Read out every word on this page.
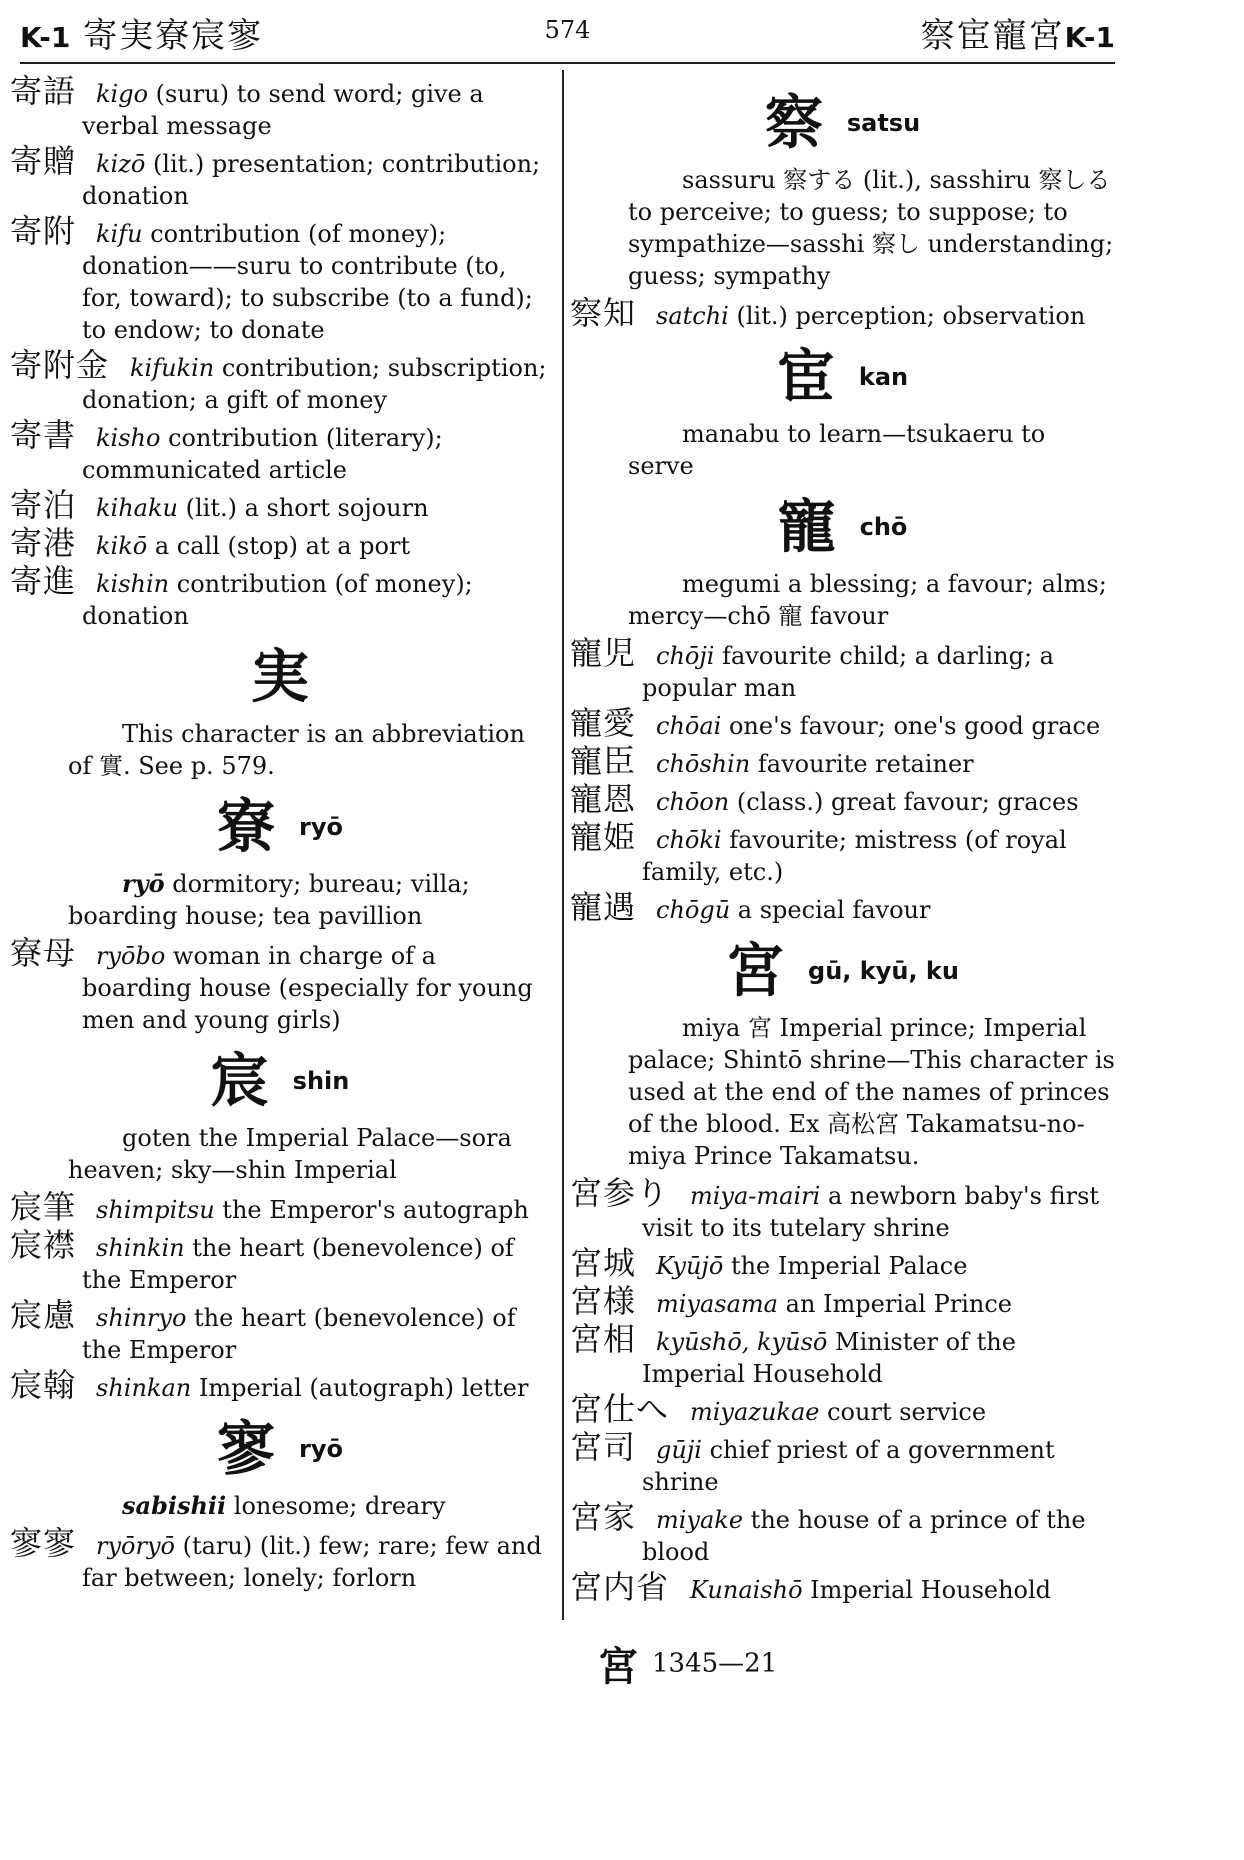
K-1 寄実寮宸寥	574	察宦寵宮K-1
寄語 kigo (suru) to send word; give a verbal message
寄贈 kizō (lit.) presentation; contribution; donation
寄附 kifu contribution (of money); donation——suru to contribute (to, for, toward); to subscribe (to a fund); to endow; to donate
寄附金 kifukin contribution; subscription; donation; a gift of money
寄書 kisho contribution (literary); communicated article
寄泊 kihaku (lit.) a short sojourn
寄港 kikō a call (stop) at a port
寄進 kishin contribution (of money); donation
実
This character is an abbreviation of 實. See p. 579.
寮 ryō
ryō dormitory; bureau; villa; boarding house; tea pavillion
寮母 ryōbo woman in charge of a boarding house (especially for young men and young girls)
宸 shin
goten the Imperial Palace—sora heaven; sky—shin Imperial
宸筆 shimpitsu the Emperor's autograph
宸襟 shinkin the heart (benevolence) of the Emperor
宸慮 shinryo the heart (benevolence) of the Emperor
宸翰 shinkan Imperial (autograph) letter
寥 ryō
sabishii lonesome; dreary
寥寥 ryōryō (taru) (lit.) few; rare; few and far between; lonely; forlorn
察 satsu
sassuru 察する (lit.), sasshiru 察しる to perceive; to guess; to suppose; to sympathize—sasshi 察し understanding; guess; sympathy
察知 satchi (lit.) perception; observation
宦 kan
manabu to learn—tsukaeru to serve
寵 chō
megumi a blessing; a favour; alms; mercy—chō 寵 favour
寵児 chōji favourite child; a darling; a popular man
寵愛 chōai one's favour; one's good grace
寵臣 chōshin favourite retainer
寵恩 chōon (class.) great favour; graces
寵姫 chōki favourite; mistress (of royal family, etc.)
寵遇 chōgū a special favour
宮 gū, kyū, ku
miya 宮 Imperial prince; Imperial palace; Shintō shrine—This character is used at the end of the names of princes of the blood. Ex 高松宮 Takamatsu-no-miya Prince Takamatsu.
宮参り miya-mairi a newborn baby's first visit to its tutelary shrine
宮城 Kyūjō the Imperial Palace
宮様 miyasama an Imperial Prince
宮相 kyūshō, kyūsō Minister of the Imperial Household
宮仕へ miyazukae court service
宮司 gūji chief priest of a government shrine
宮家 miyake the house of a prince of the blood
宮内省 Kunaishō Imperial Household
宮 1345—21
